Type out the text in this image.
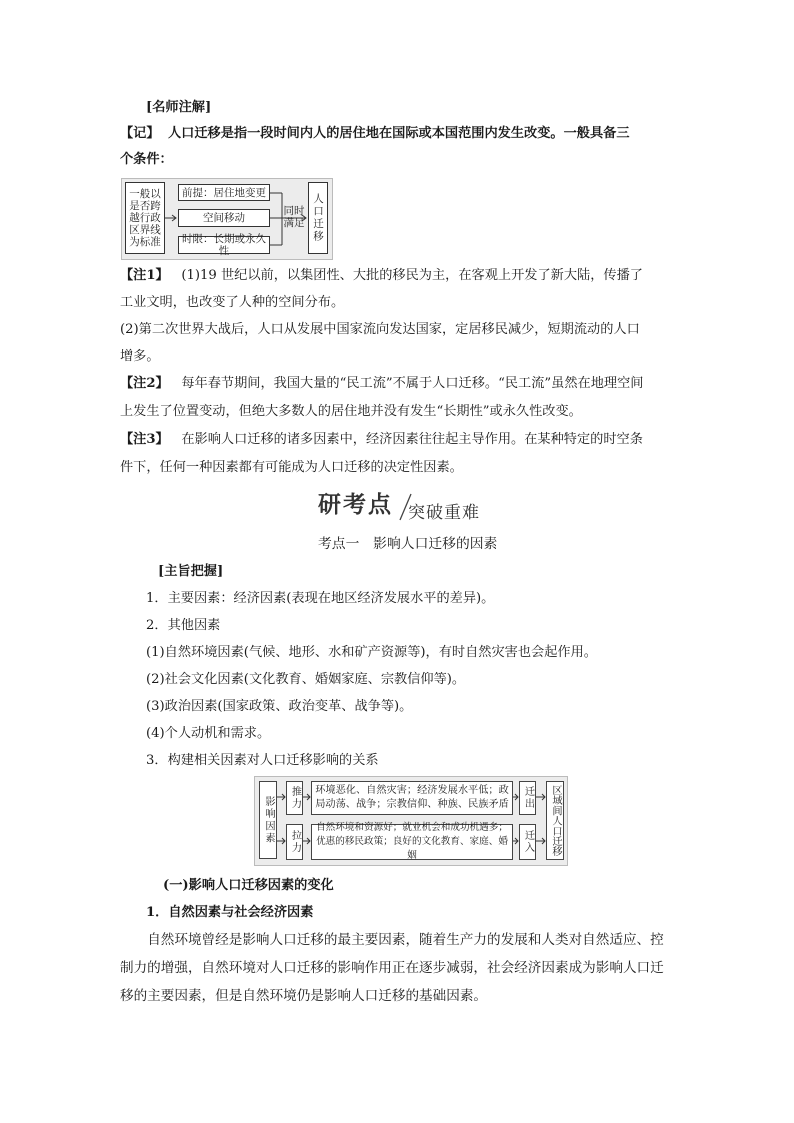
[名师注解]
【记】 人口迁移是指一段时间内人的居住地在国际或本国范围内发生改变。一般具备三
个条件：
一般以
是否跨
越行政
区界线
为标准
前提：居住地变更
空间移动
时限：长期或永久性
同时
满足 人口迁移
【注1】 (1)19 世纪以前，以集团性、大批的移民为主，在客观上开发了新大陆，传播了
工业文明，也改变了人种的空间分布。
(2)第二次世界大战后，人口从发展中国家流向发达国家，定居移民减少，短期流动的人口
增多。
【注2】 每年春节期间，我国大量的“民工流”不属于人口迁移。“民工流”虽然在地理空间
上发生了位置变动，但绝大多数人的居住地并没有发生“长期性”或永久性改变。
【注3】 在影响人口迁移的诸多因素中，经济因素往往起主导作用。在某种特定的时空条
件下，任何一种因素都有可能成为人口迁移的决定性因素。
研考点 突破重难
考点一　影响人口迁移的因素
[主旨把握]
1．主要因素：经济因素(表现在地区经济发展水平的差异)。
2．其他因素
(1)自然环境因素(气候、地形、水和矿产资源等)，有时自然灾害也会起作用。
(2)社会文化因素(文化教育、婚姻家庭、宗教信仰等)。
(3)政治因素(国家政策、政治变革、战争等)。
(4)个人动机和需求。
3．构建相关因素对人口迁移影响的关系
影响因素	推力
拉力
环境恶化、自然灾害；经济发展水平低；政
局动荡、战争；宗教信仰、种族、民族矛盾
自然环境和资源好；就业机会和成功机遇多；
优惠的移民政策；良好的文化教育、家庭、婚姻
迁出
迁入	区域间人口迁移
(一)影响人口迁移因素的变化
1．自然因素与社会经济因素
自然环境曾经是影响人口迁移的最主要因素，随着生产力的发展和人类对自然适应、控制力的增强，自然环境对人口迁移的影响作用正在逐步减弱，社会经济因素成为影响人口迁移的主要因素，但是自然环境仍是影响人口迁移的基础因素。
